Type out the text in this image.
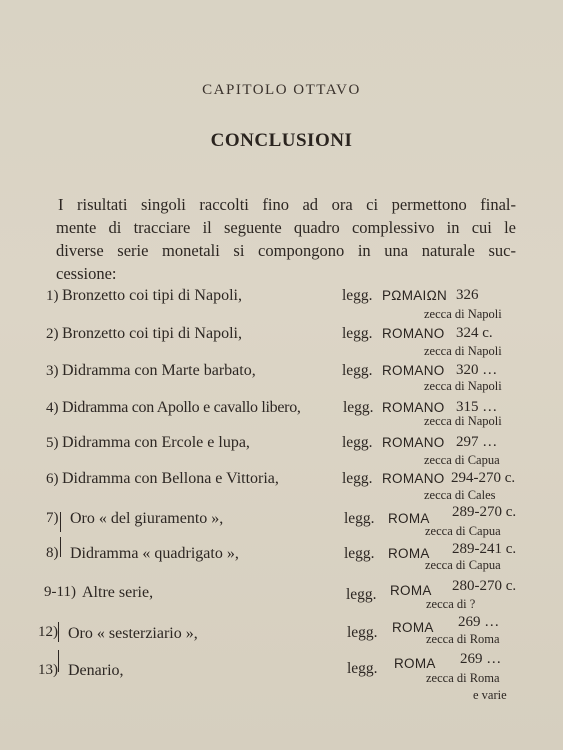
CAPITOLO OTTAVO
CONCLUSIONI
I risultati singoli raccolti fino ad ora ci permettono final-
mente di tracciare il seguente quadro complessivo in cui le
diverse serie monetali si compongono in una naturale suc-
cessione:
1) Bronzetto coi tipi di Napoli,	legg. ΡΩΜΑΙΩΝ 326
zecca di Napoli
2) Bronzetto coi tipi di Napoli,	legg. ROMANO 324 c.
zecca di Napoli
3) Didramma con Marte barbato,	legg. ROMANO 320 …
zecca di Napoli
4) Didramma con Apollo e cavallo libero,	legg. ROMANO 315 …
zecca di Napoli
5) Didramma con Ercole e lupa,	legg. ROMANO 297 …
zecca di Capua
6) Didramma con Bellona e Vittoria,	legg. ROMANO 294-270 c.
zecca di Cales
7) Oro « del giuramento »,	legg. ROMA 289-270 c.
zecca di Capua
8) Didramma « quadrigato »,	legg. ROMA 289-241 c.
zecca di Capua
9-11) Altre serie,	legg. ROMA 280-270 c.
zecca di ?
12) Oro « sesterziario »,	legg. ROMA 269 …
zecca di Roma
13) Denario,	legg. ROMA 269 …
zecca di Roma
e varie
